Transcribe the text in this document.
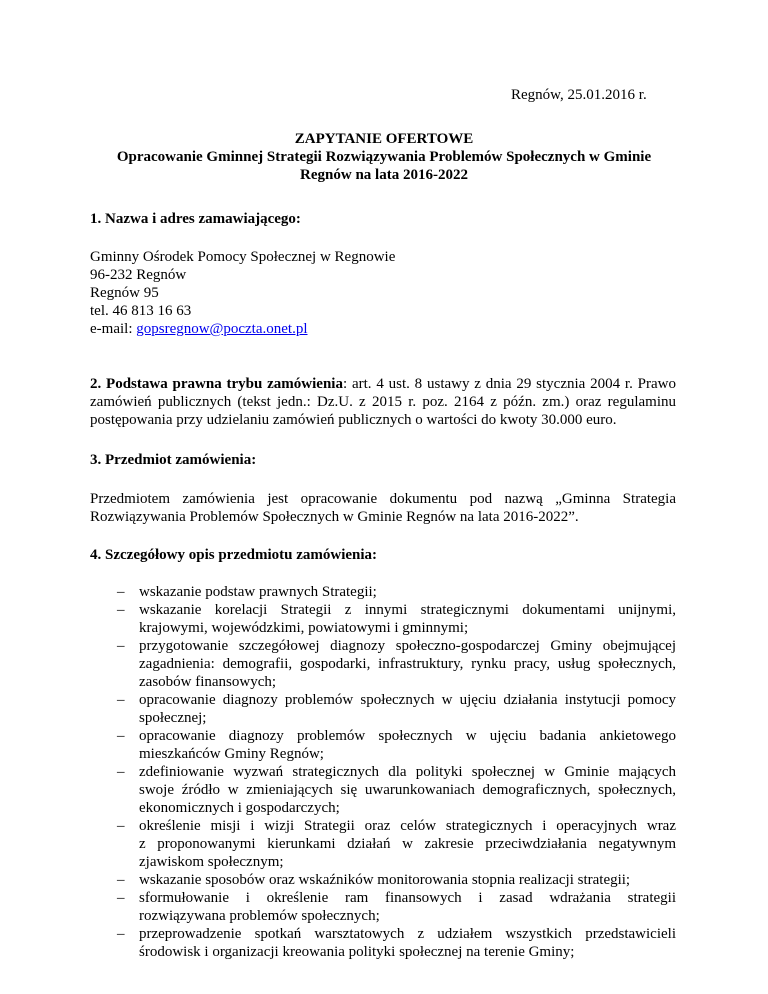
Regnów, 25.01.2016 r.
ZAPYTANIE OFERTOWE
Opracowanie Gminnej Strategii Rozwiązywania Problemów Społecznych w Gminie
Regnów na lata 2016-2022
1. Nazwa i adres zamawiającego:
Gminny Ośrodek Pomocy Społecznej w Regnowie
96-232 Regnów
Regnów 95
tel. 46 813 16 63
e-mail: gopsregnow@poczta.onet.pl
2. Podstawa prawna trybu zamówienia: art. 4 ust. 8 ustawy z dnia 29 stycznia 2004 r. Prawo zamówień publicznych (tekst jedn.: Dz.U. z 2015 r. poz. 2164 z późn. zm.) oraz regulaminu postępowania przy udzielaniu zamówień publicznych o wartości do kwoty 30.000 euro.
3. Przedmiot zamówienia:
Przedmiotem zamówienia jest opracowanie dokumentu pod nazwą „Gminna Strategia Rozwiązywania Problemów Społecznych w Gminie Regnów na lata 2016-2022”.
4. Szczegółowy opis przedmiotu zamówienia:
– wskazanie podstaw prawnych Strategii;
– wskazanie korelacji Strategii z innymi strategicznymi dokumentami unijnymi,
krajowymi, wojewódzkimi, powiatowymi i gminnymi;
– przygotowanie szczegółowej diagnozy społeczno-gospodarczej Gminy obejmującej
zagadnienia: demografii, gospodarki, infrastruktury, rynku pracy, usług społecznych,
zasobów finansowych;
– opracowanie diagnozy problemów społecznych w ujęciu działania instytucji pomocy
społecznej;
– opracowanie diagnozy problemów społecznych w ujęciu badania ankietowego
mieszkańców Gminy Regnów;
– zdefiniowanie wyzwań strategicznych dla polityki społecznej w Gminie mających
swoje źródło w zmieniających się uwarunkowaniach demograficznych, społecznych,
ekonomicznych i gospodarczych;
– określenie misji i wizji Strategii oraz celów strategicznych i operacyjnych wraz
z proponowanymi kierunkami działań w zakresie przeciwdziałania negatywnym
zjawiskom społecznym;
– wskazanie sposobów oraz wskaźników monitorowania stopnia realizacji strategii;
– sformułowanie i określenie ram finansowych i zasad wdrażania strategii
rozwiązywana problemów społecznych;
– przeprowadzenie spotkań warsztatowych z udziałem wszystkich przedstawicieli
środowisk i organizacji kreowania polityki społecznej na terenie Gminy;
